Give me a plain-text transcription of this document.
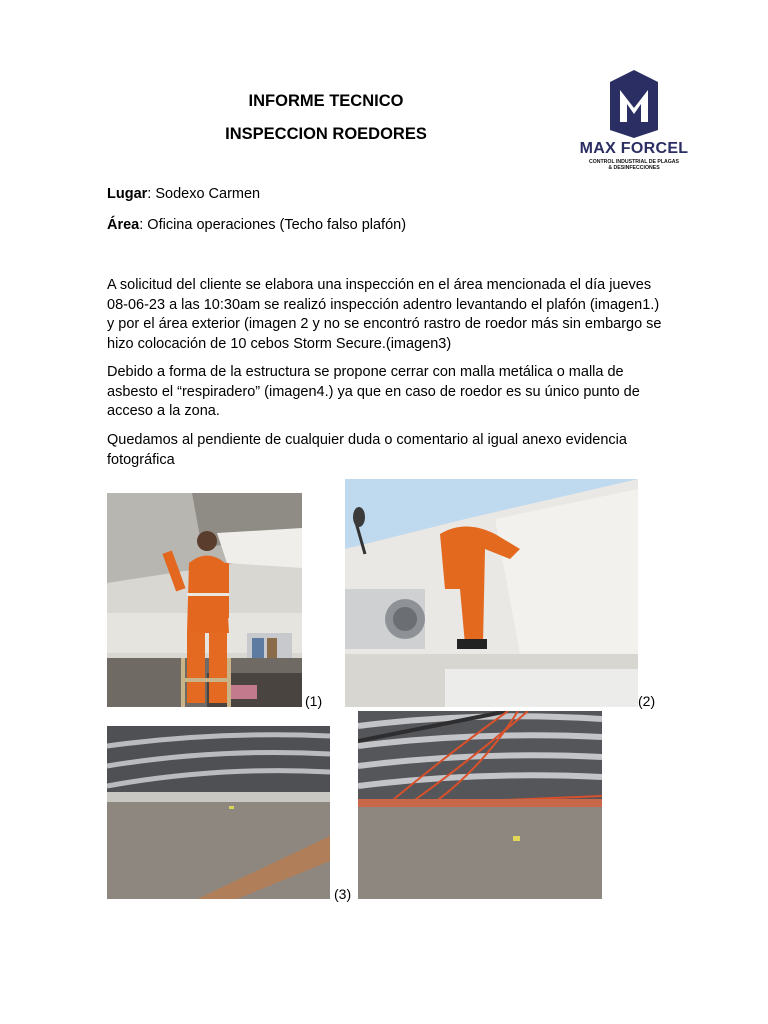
INFORME TECNICO
INSPECCION ROEDORES
MAX FORCEL
CONTROL INDUSTRIAL DE PLAGAS
& DESINFECCIONES
Lugar: Sodexo Carmen
Área: Oficina operaciones (Techo falso plafón)
A solicitud del cliente se elabora una inspección en el área mencionada el día jueves 08-06-23 a las 10:30am se realizó inspección adentro levantando el plafón (imagen1.) y por el área exterior (imagen 2 y no se encontró rastro de roedor más sin embargo se hizo colocación de 10 cebos Storm Secure.(imagen3)
Debido a forma de la estructura se propone cerrar con malla metálica o malla de asbesto el “respiradero” (imagen4.) ya que en caso de roedor es su único punto de acceso a la zona.
Quedamos al pendiente de cualquier duda o comentario al igual anexo evidencia fotográfica
(1)	(2)
(3)
